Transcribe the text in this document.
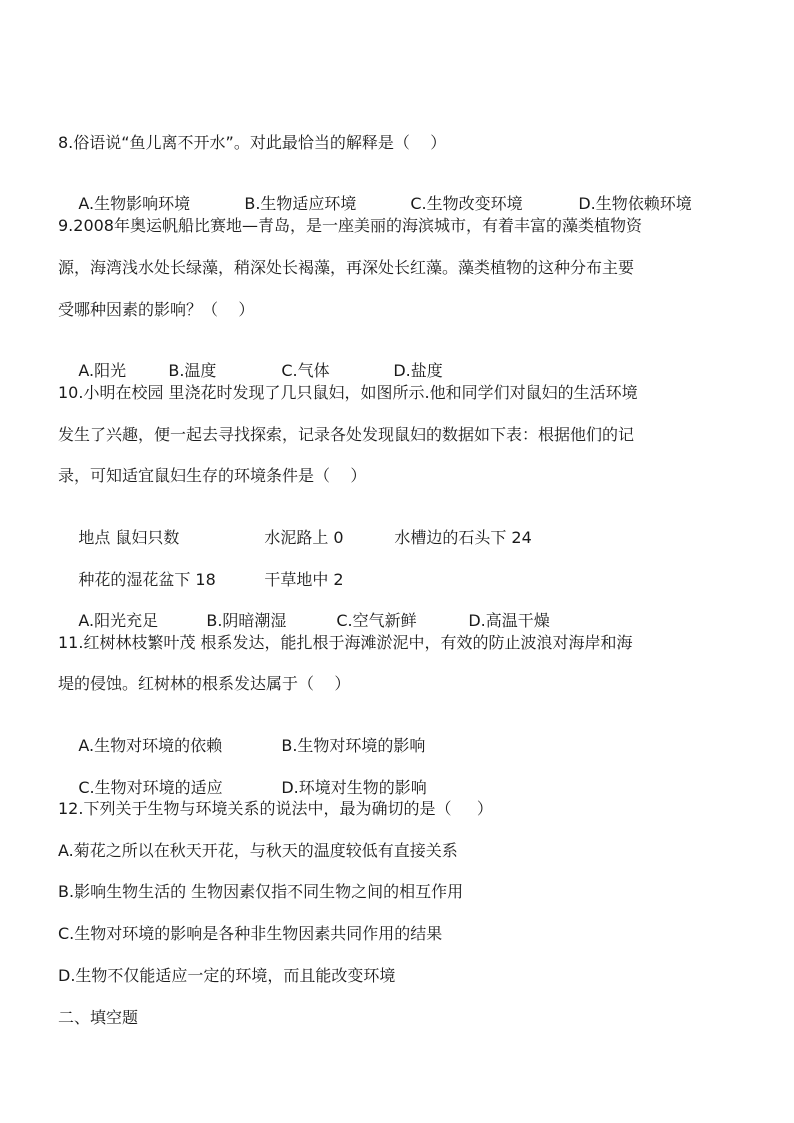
8.俗语说“鱼儿离不开水”。对此最恰当的解释是（    ）

A.生物影响环境	B.生物适应环境	C.生物改变环境	D.生物依赖环境

9.2008年奥运帆船比赛地—青岛，是一座美丽的海滨城市，有着丰富的藻类植物资
源，海湾浅水处长绿藻，稍深处长褐藻，再深处长红藻。藻类植物的这种分布主要
受哪种因素的影响？（    ）

A.阳光	B.温度	C.气体	D.盐度

10.小明在校园 里浇花时发现了几只鼠妇，如图所示.他和同学们对鼠妇的生活环境
发生了兴趣，便一起去寻找探索，记录各处发现鼠妇的数据如下表：根据他们的记
录，可知适宜鼠妇生存的环境条件是（    ）

地点 鼠妇只数	水泥路上 0	水槽边的石头下 24

种花的湿花盆下 18	干草地中 2

A.阳光充足	B.阴暗潮湿	C.空气新鲜	D.高温干燥

11.红树林枝繁叶茂 根系发达，能扎根于海滩淤泥中，有效的防止波浪对海岸和海
堤的侵蚀。红树林的根系发达属于（    ）

A.生物对环境的依赖	B.生物对环境的影响

C.生物对环境的适应	D.环境对生物的影响

12.下列关于生物与环境关系的说法中，最为确切的是（     ）
A.菊花之所以在秋天开花，与秋天的温度较低有直接关系
B.影响生物生活的 生物因素仅指不同生物之间的相互作用
C.生物对环境的影响是各种非生物因素共同作用的结果
D.生物不仅能适应一定的环境，而且能改变环境
二、填空题
